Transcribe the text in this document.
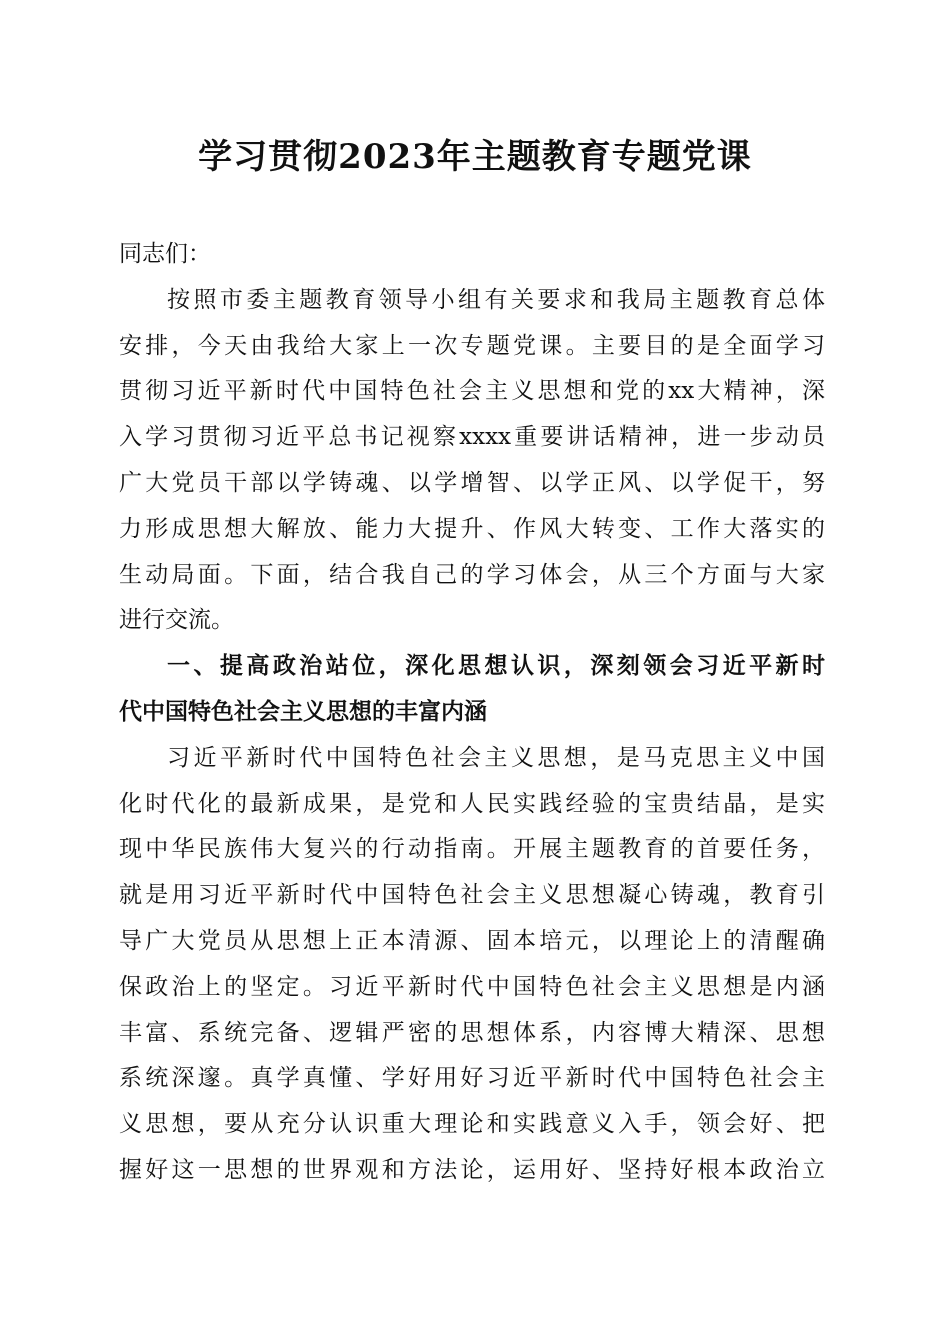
学习贯彻2023年主题教育专题党课
同志们：
按照市委主题教育领导小组有关要求和我局主题教育总体
安排，今天由我给大家上一次专题党课。主要目的是全面学习
贯彻习近平新时代中国特色社会主义思想和党的xx大精神，深
入学习贯彻习近平总书记视察xxxx重要讲话精神，进一步动员
广大党员干部以学铸魂、以学增智、以学正风、以学促干，努
力形成思想大解放、能力大提升、作风大转变、工作大落实的
生动局面。下面，结合我自己的学习体会，从三个方面与大家
进行交流。
一、提高政治站位，深化思想认识，深刻领会习近平新时
代中国特色社会主义思想的丰富内涵
习近平新时代中国特色社会主义思想，是马克思主义中国
化时代化的最新成果，是党和人民实践经验的宝贵结晶，是实
现中华民族伟大复兴的行动指南。开展主题教育的首要任务，
就是用习近平新时代中国特色社会主义思想凝心铸魂，教育引
导广大党员从思想上正本清源、固本培元，以理论上的清醒确
保政治上的坚定。习近平新时代中国特色社会主义思想是内涵
丰富、系统完备、逻辑严密的思想体系，内容博大精深、思想
系统深邃。真学真懂、学好用好习近平新时代中国特色社会主
义思想，要从充分认识重大理论和实践意义入手，领会好、把
握好这一思想的世界观和方法论，运用好、坚持好根本政治立
